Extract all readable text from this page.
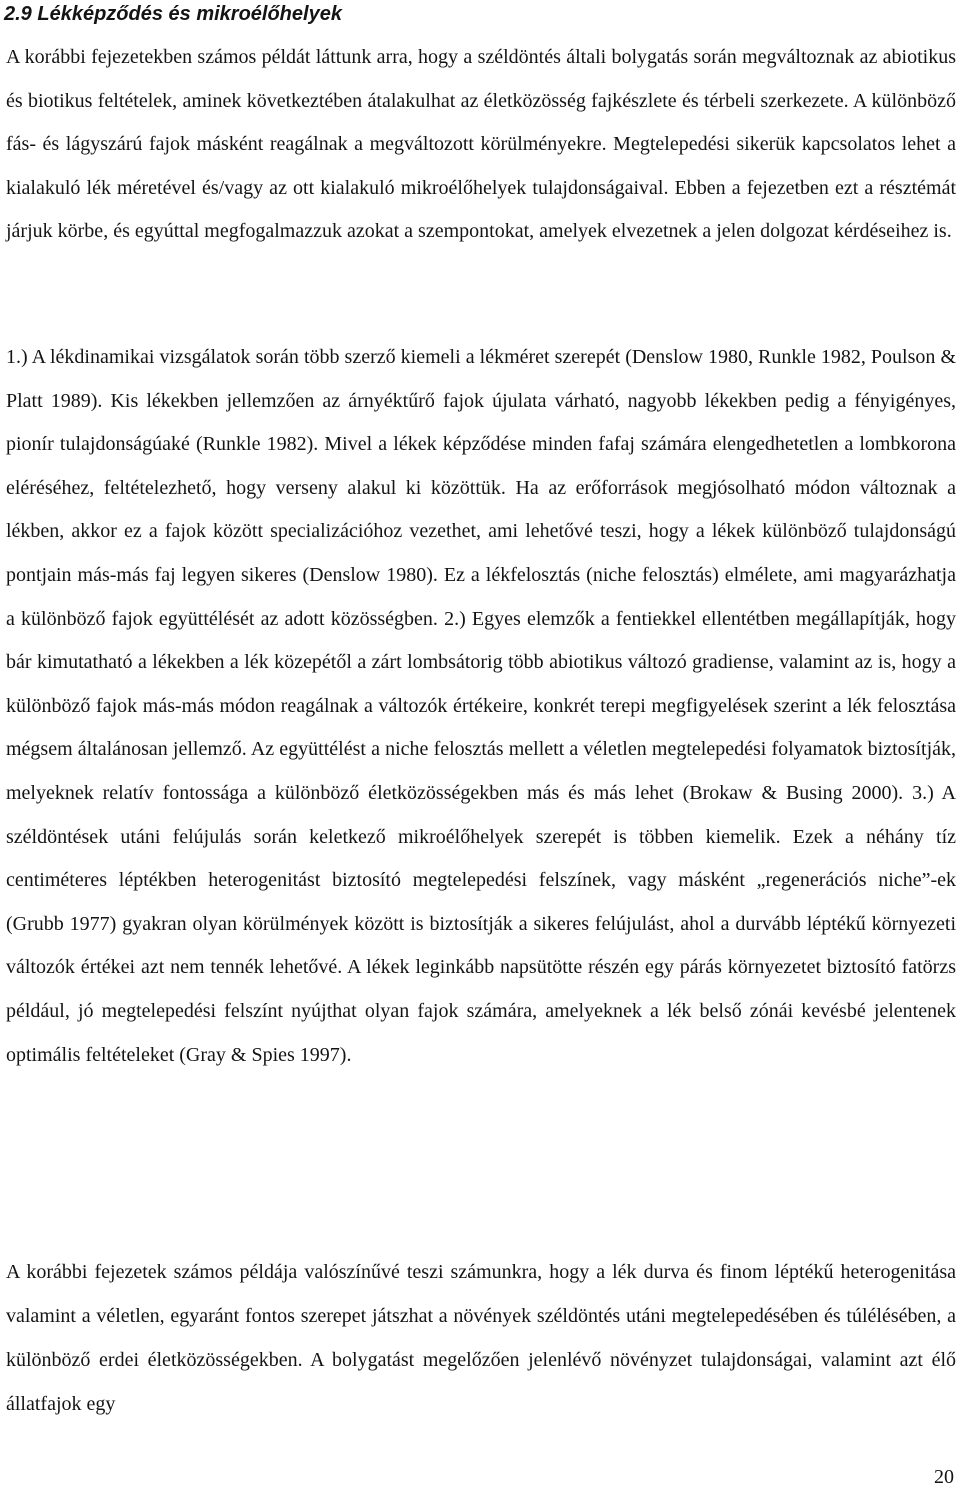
2.9 Lékképződés és mikroélőhelyek

A korábbi fejezetekben számos példát láttunk arra, hogy a széldöntés általi bolygatás során megváltoznak az abiotikus és biotikus feltételek, aminek következtében átalakulhat az életközösség fajkészlete és térbeli szerkezete. A különböző fás- és lágyszárú fajok másként reagálnak a megváltozott körülményekre. Megtelepedési sikerük kapcsolatos lehet a kialakuló lék méretével és/vagy az ott kialakuló mikroélőhelyek tulajdonságaival. Ebben a fejezetben ezt a résztémát járjuk körbe, és egyúttal megfogalmazzuk azokat a szempontokat, amelyek elvezetnek a jelen dolgozat kérdéseihez is.

1.) A lékdinamikai vizsgálatok során több szerző kiemeli a lékméret szerepét (Denslow 1980, Runkle 1982, Poulson & Platt 1989). Kis lékekben jellemzően az árnyéktűrő fajok újulata várható, nagyobb lékekben pedig a fényigényes, pionír tulajdonságúaké (Runkle 1982). Mivel a lékek képződése minden fafaj számára elengedhetetlen a lombkorona eléréséhez, feltételezhető, hogy verseny alakul ki közöttük. Ha az erőforrások megjósolható módon változnak a lékben, akkor ez a fajok között specializációhoz vezethet, ami lehetővé teszi, hogy a lékek különböző tulajdonságú pontjain más-más faj legyen sikeres (Denslow 1980). Ez a lékfelosztás (niche felosztás) elmélete, ami magyarázhatja a különböző fajok együttélését az adott közösségben. 2.) Egyes elemzők a fentiekkel ellentétben megállapítják, hogy bár kimutatható a lékekben a lék közepétől a zárt lombsátorig több abiotikus változó gradiense, valamint az is, hogy a különböző fajok más-más módon reagálnak a változók értékeire, konkrét terepi megfigyelések szerint a lék felosztása mégsem általánosan jellemző. Az együttélést a niche felosztás mellett a véletlen megtelepedési folyamatok biztosítják, melyeknek relatív fontossága a különböző életközösségekben más és más lehet (Brokaw & Busing 2000). 3.) A széldöntések utáni felújulás során keletkező mikroélőhelyek szerepét is többen kiemelik. Ezek a néhány tíz centiméteres léptékben heterogenitást biztosító megtelepedési felszínek, vagy másként „regenerációs niche”-ek (Grubb 1977) gyakran olyan körülmények között is biztosítják a sikeres felújulást, ahol a durvább léptékű környezeti változók értékei azt nem tennék lehetővé. A lékek leginkább napsütötte részén egy párás környezetet biztosító fatörzs például, jó megtelepedési felszínt nyújthat olyan fajok számára, amelyeknek a lék belső zónái kevésbé jelentenek optimális feltételeket (Gray & Spies 1997).

A korábbi fejezetek számos példája valószínűvé teszi számunkra, hogy a lék durva és finom léptékű heterogenitása valamint a véletlen, egyaránt fontos szerepet játszhat a növények széldöntés utáni megtelepedésében és túlélésében, a különböző erdei életközösségekben. A bolygatást megelőzően jelenlévő növényzet tulajdonságai, valamint azt élő állatfajok egy

20
